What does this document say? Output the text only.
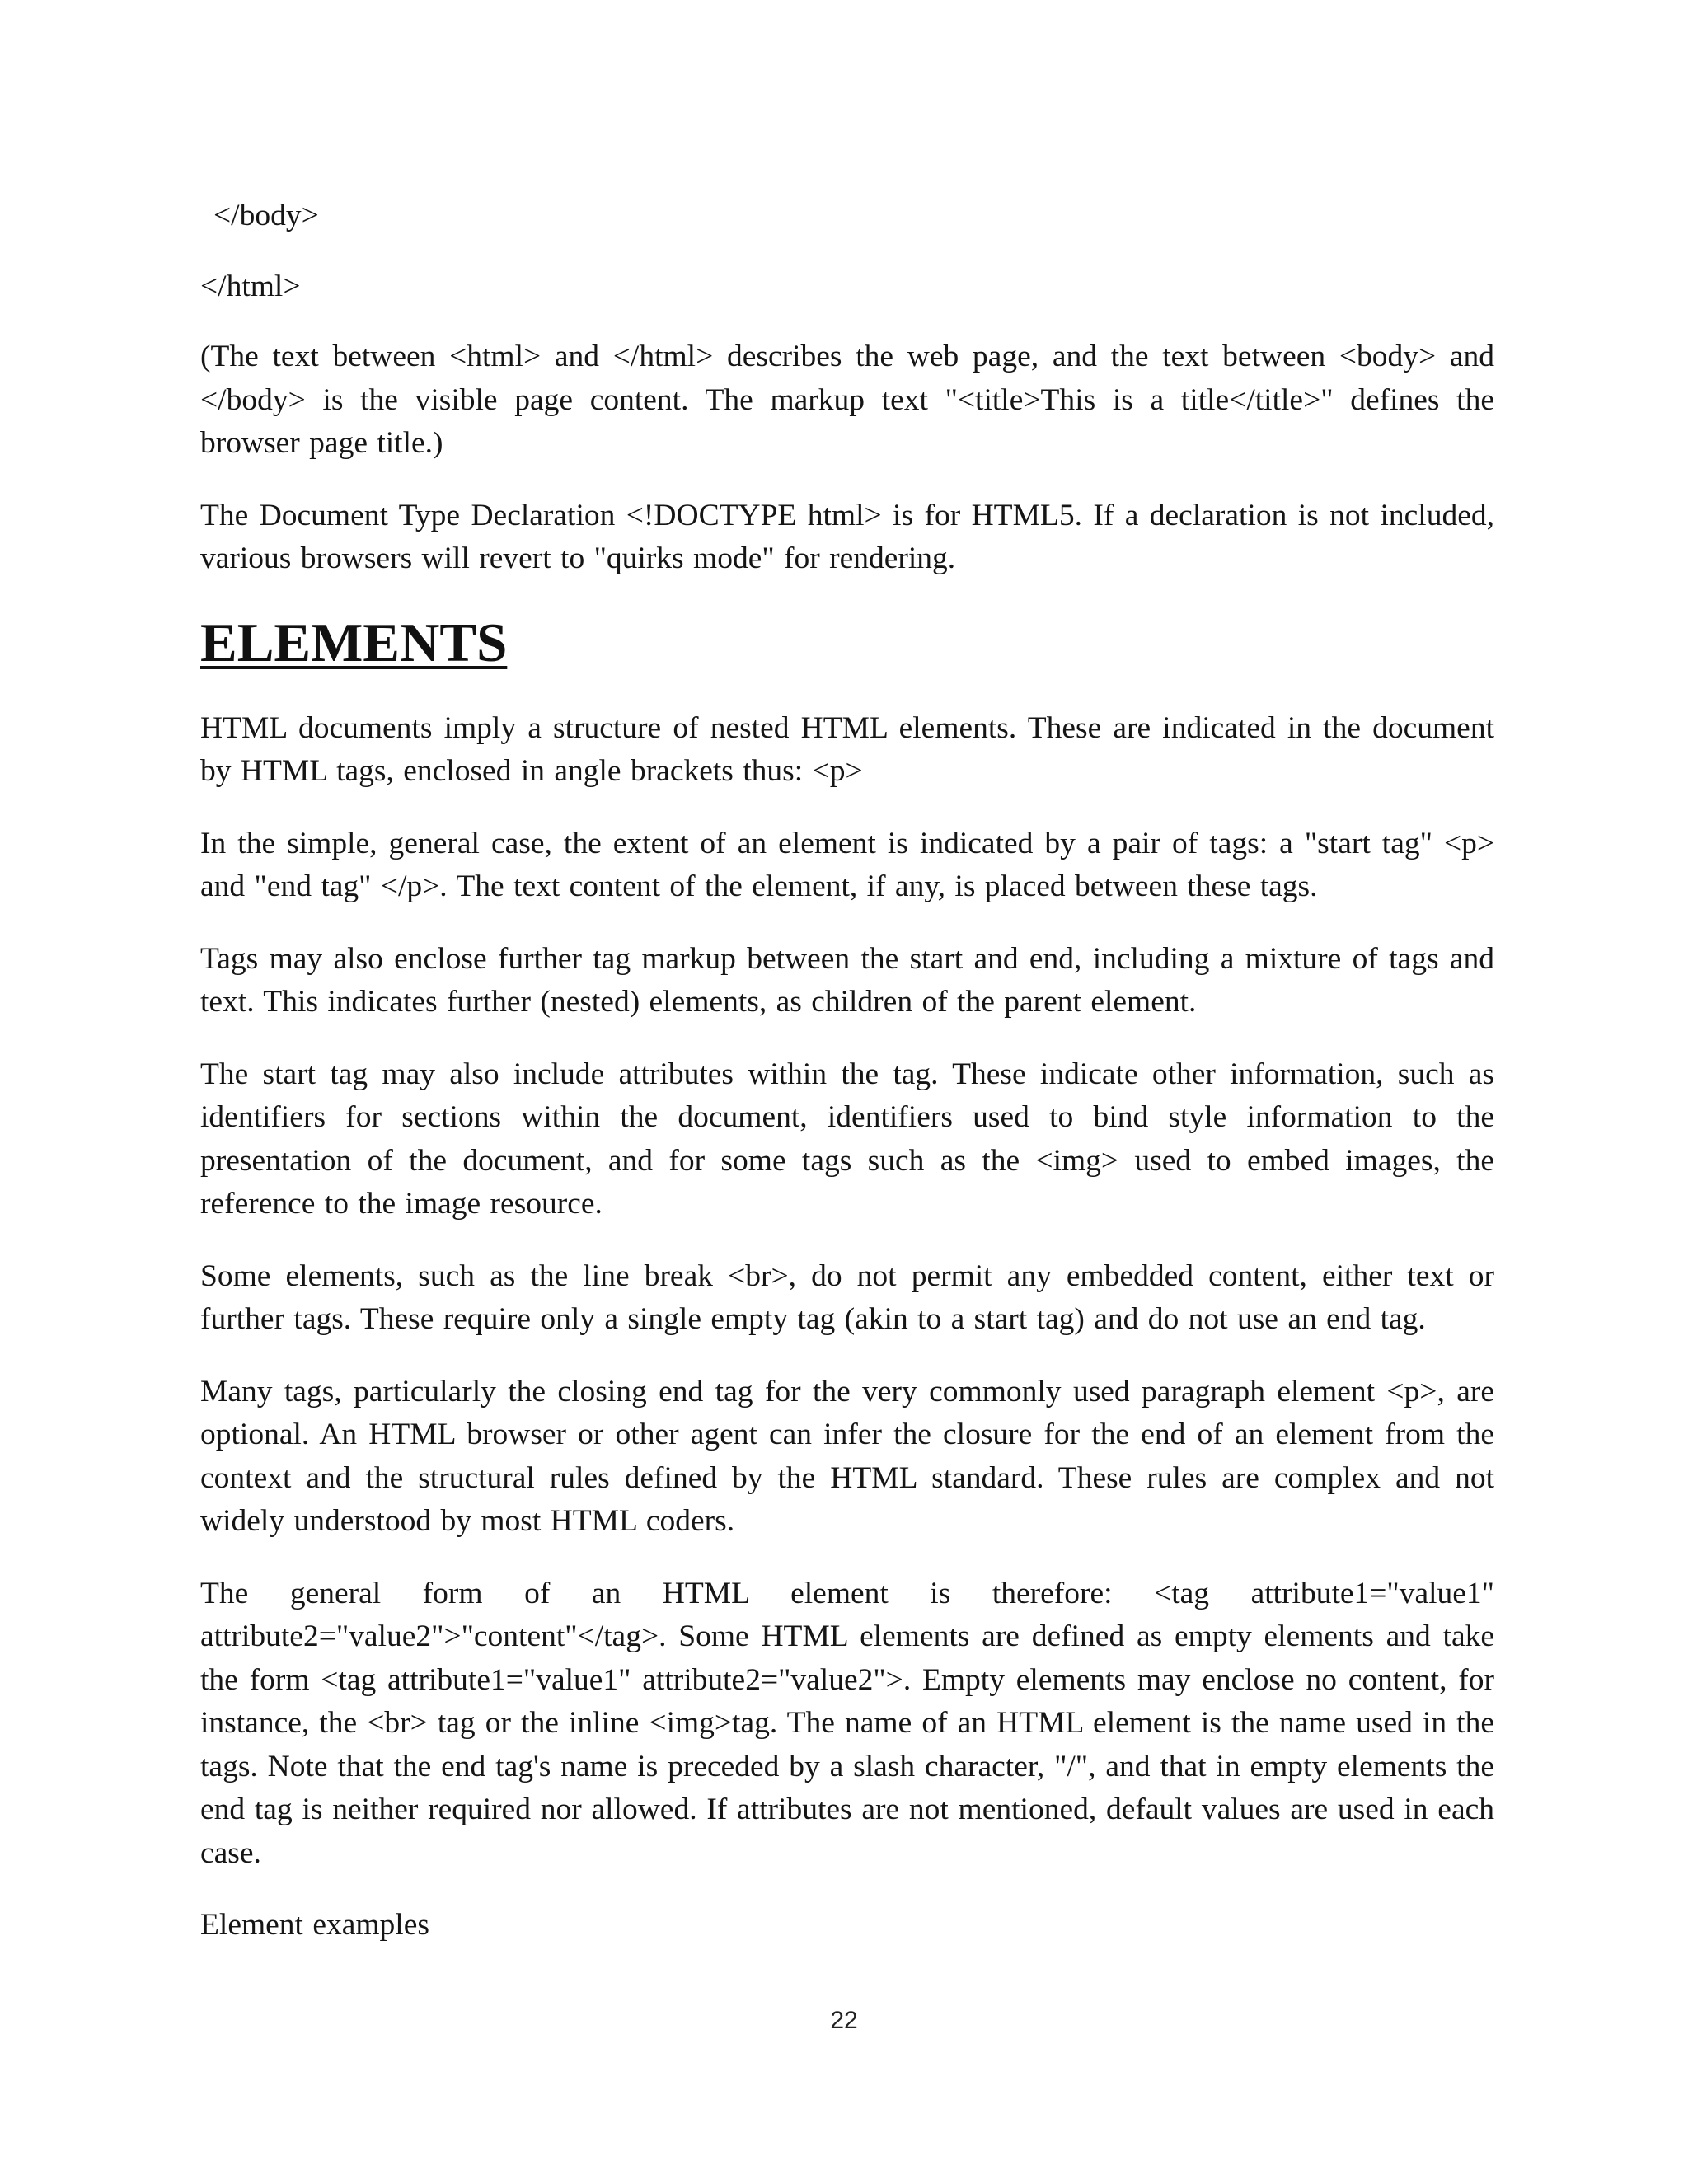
</body>
</html>

(The text between <html> and </html> describes the web page, and the text between <body> and </body> is the visible page content. The markup text "<title>This is a title</title>" defines the browser page title.)

The Document Type Declaration <!DOCTYPE html> is for HTML5. If a declaration is not included, various browsers will revert to "quirks mode" for rendering.

ELEMENTS

HTML documents imply a structure of nested HTML elements. These are indicated in the document by HTML tags, enclosed in angle brackets thus: <p>

In the simple, general case, the extent of an element is indicated by a pair of tags: a "start tag" <p> and "end tag" </p>. The text content of the element, if any, is placed between these tags.

Tags may also enclose further tag markup between the start and end, including a mixture of tags and text. This indicates further (nested) elements, as children of the parent element.

The start tag may also include attributes within the tag. These indicate other information, such as identifiers for sections within the document, identifiers used to bind style information to the presentation of the document, and for some tags such as the <img> used to embed images, the reference to the image resource.

Some elements, such as the line break <br>, do not permit any embedded content, either text or further tags. These require only a single empty tag (akin to a start tag) and do not use an end tag.

Many tags, particularly the closing end tag for the very commonly used paragraph element <p>, are optional. An HTML browser or other agent can infer the closure for the end of an element from the context and the structural rules defined by the HTML standard. These rules are complex and not widely understood by most HTML coders.

The general form of an HTML element is therefore: <tag attribute1="value1" attribute2="value2">"content"</tag>. Some HTML elements are defined as empty elements and take the form <tag attribute1="value1" attribute2="value2">. Empty elements may enclose no content, for instance, the <br> tag or the inline <img>tag. The name of an HTML element is the name used in the tags. Note that the end tag's name is preceded by a slash character, "/", and that in empty elements the end tag is neither required nor allowed. If attributes are not mentioned, default values are used in each case.

Element examples

22
